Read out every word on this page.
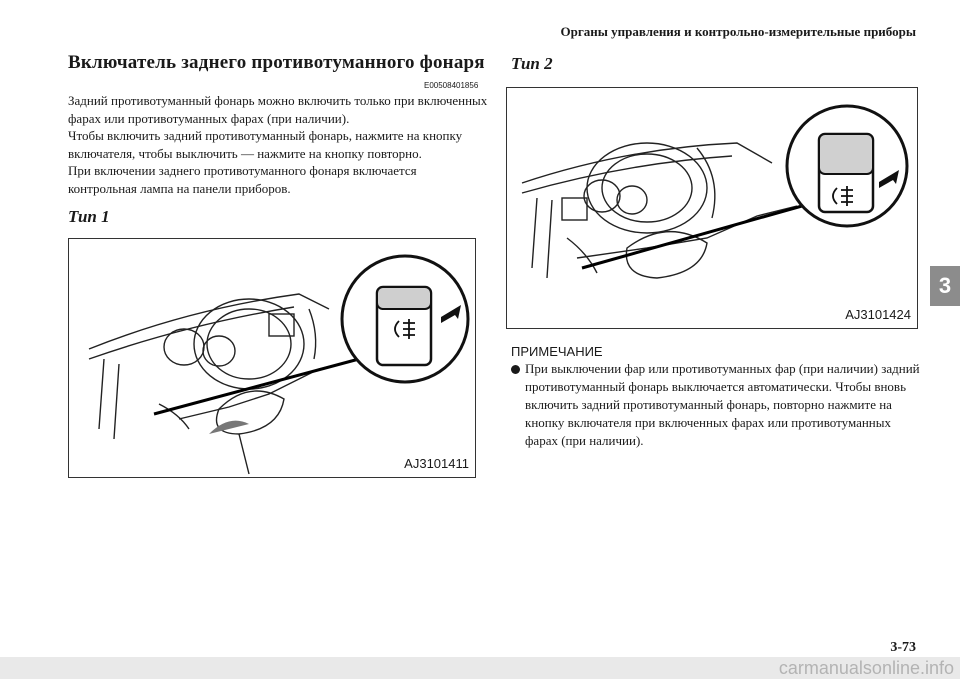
Органы управления и контрольно-измерительные приборы
3
Включатель заднего противотуманного фонаря
E00508401856

Задний противотуманный фонарь можно включить только при включенных фарах или противотуманных фарах (при наличии).

Чтобы включить задний противотуманный фонарь, нажмите на кнопку включателя, чтобы выключить — нажмите на кнопку повторно.

При включении заднего противотуманного фонаря включается контрольная лампа на панели приборов.

Тип 1
AJ3101411
Тип 2
AJ3101424
ПРИМЕЧАНИЕ
При выключении фар или противотуманных фар (при наличии) задний противотуманный фонарь выключается автоматически. Чтобы вновь включить задний противотуманный фонарь, повторно нажмите на кнопку включателя при включенных фарах или противотуманных фарах (при наличии).
3-73
carmanualsonline.info
